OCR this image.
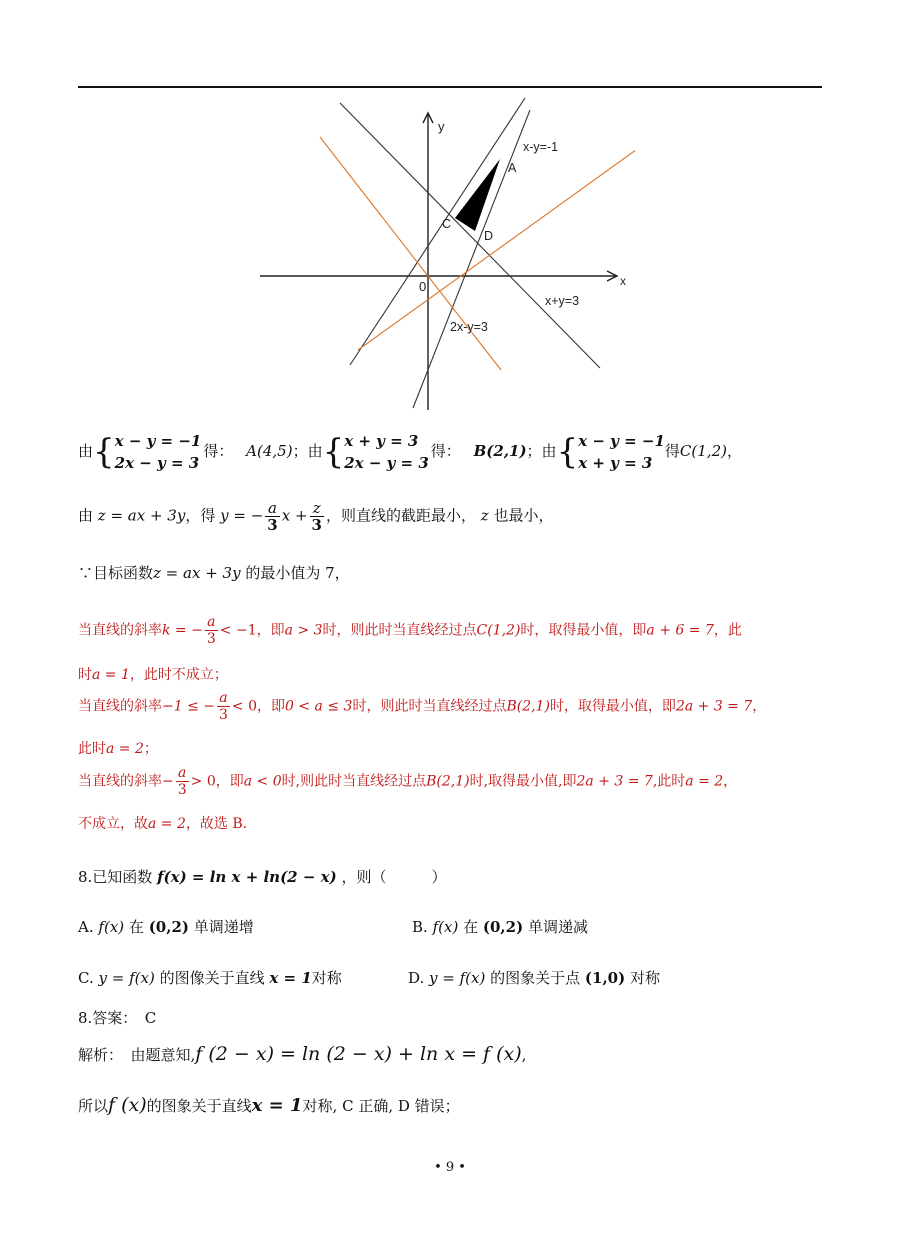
y
x
0
x-y=-1
x+y=3
2x-y=3
A
C
D
由{ x − y = −1
2x − y = 3
得： A(4,5)；由{ x + y = 3
2x − y = 3
得： B(2,1)；由{ x − y = −1
x + y = 3
得C(1,2)，
由 z = ax + 3y，得 y = − $\frac{a}{3}$ $x + \frac{z}{3}$ ，则直线的截距最小， z 也最小，
∵目标函数z = ax + 3y 的最小值为 7，
当直线的斜率k = − $\frac{a}{3} < -1$，即a > 3时，则此时当直线经过点C(1,2)时，取得最小值，即a + 6 = 7，此
时a = 1，此时不成立；
当直线的斜率−1 ≤ − $\frac{a}{3} < 0$，即0 < a ≤ 3时，则此时当直线经过点B(2,1)时，取得最小值，即2a + 3 = 7，
此时a = 2；
当直线的斜率− $\frac{a}{3} > 0$，即a < 0时,则此时当直线经过点B(2,1)时,取得最小值,即2a + 3 = 7,此时a = 2，
不成立，故a = 2，故选 B.
8.已知函数 f(x) = ln x + ln(2 − x) ，则（　　　）
A. f(x) 在 (0,2) 单调递增	B. f(x) 在 (0,2) 单调递减
C. y = f(x) 的图像关于直线 x = 1对称	D. y = f(x) 的图象关于点 (1,0) 对称
8.答案：　C
解析：　由题意知,f (2 − x) = ln (2 − x) + ln x = f (x),
所以f (x)的图象关于直线x = 1对称, C 正确, D 错误；
• 9 •
